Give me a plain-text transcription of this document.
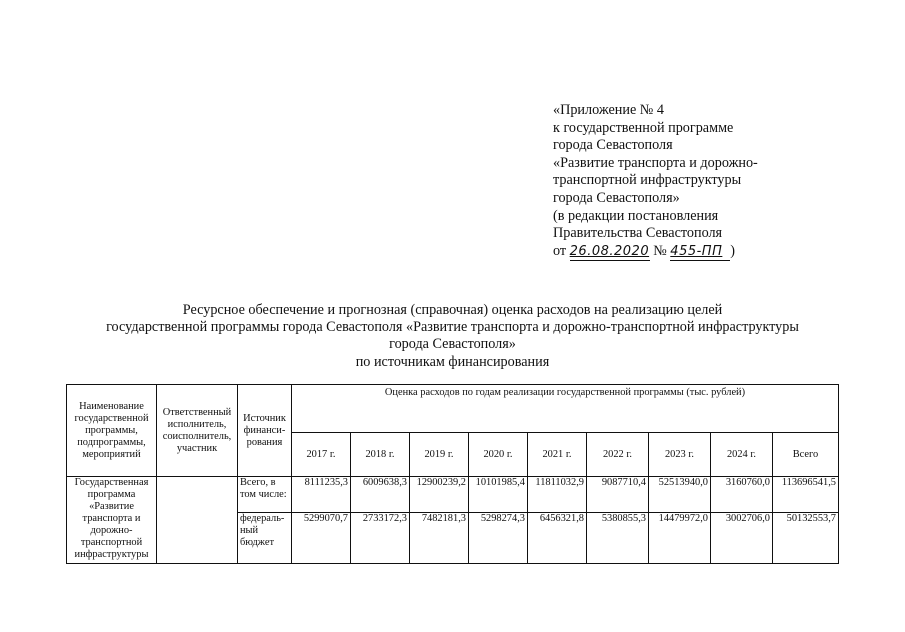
«Приложение № 4
к государственной программе
города Севастополя
«Развитие транспорта и дорожно-
транспортной инфраструктуры
города Севастополя»
(в редакции постановления
Правительства Севастополя
от 26.08.2020 № 455-ПП )
Ресурсное обеспечение и прогнозная (справочная) оценка расходов на реализацию целей
государственной программы города Севастополя «Развитие транспорта и дорожно-транспортной инфраструктуры
города Севастополя»
по источникам финансирования
Наименование государственной программы, подпрограммы, мероприятий	Ответственный исполнитель, соисполнитель, участник	Источник финанси-рования	Оценка расходов по годам реализации государственной программы (тыс. рублей)								
			2017 г.	2018 г.	2019 г.	2020 г.	2021 г.	2022 г.	2023 г.	2024 г.	Всего
Государственная программа «Развитие транспорта и дорожно-транспортной инфраструктуры		Всего, в том числе:	8111235,3	6009638,3	12900239,2	10101985,4	11811032,9	9087710,4	52513940,0	3160760,0	113696541,5
		федераль-ный бюджет	5299070,7	2733172,3	7482181,3	5298274,3	6456321,8	5380855,3	14479972,0	3002706,0	50132553,7
